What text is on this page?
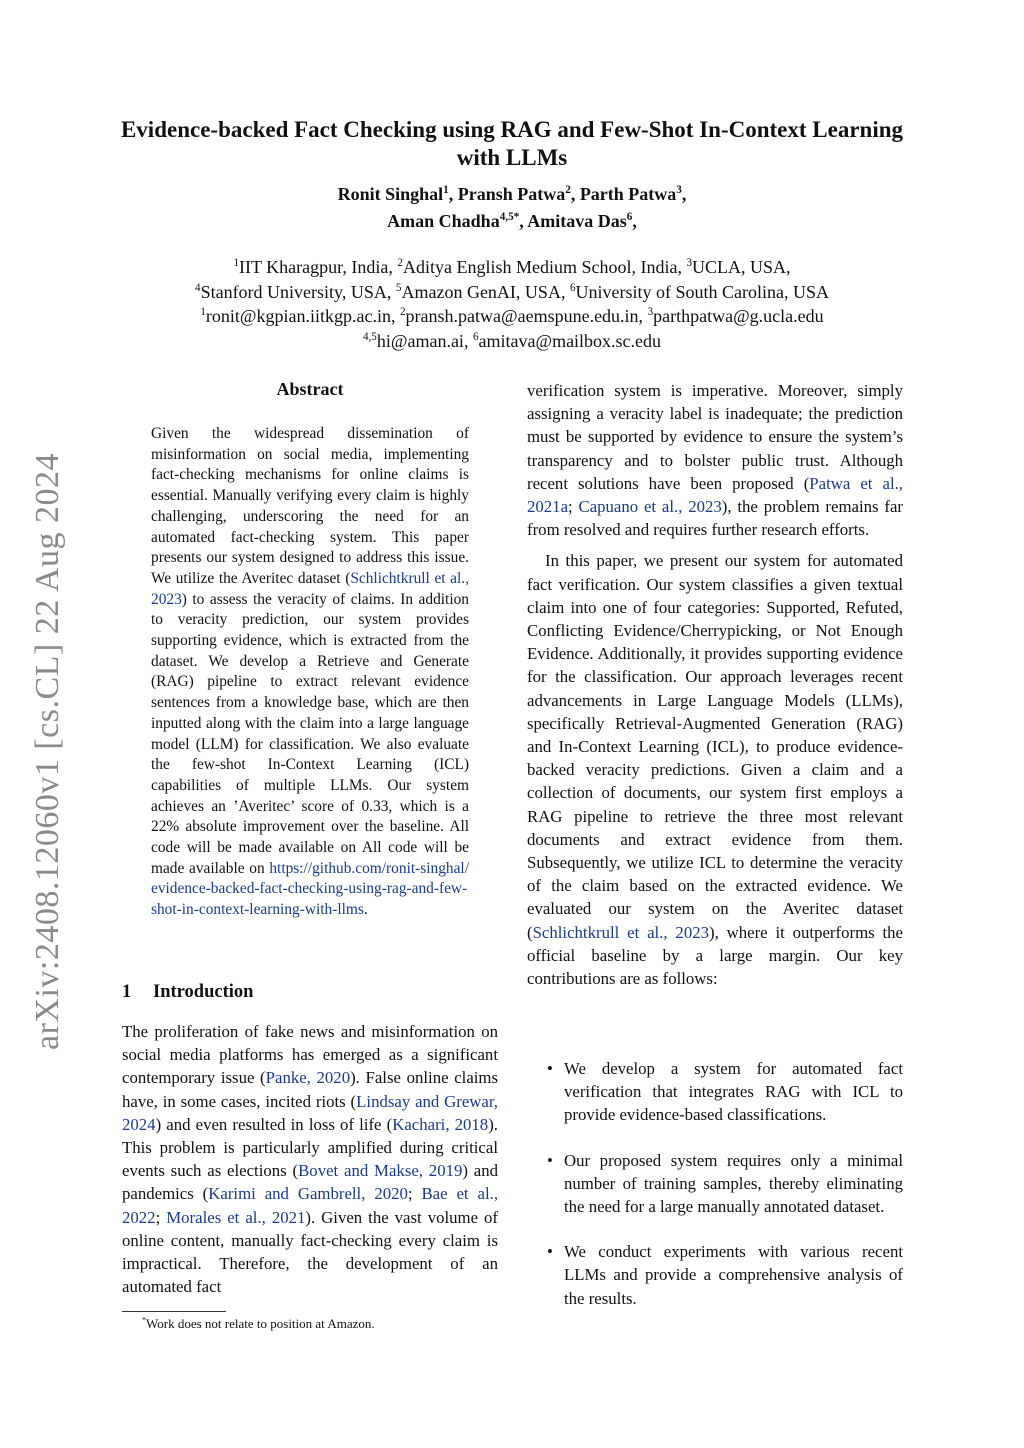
arXiv:2408.12060v1 [cs.CL] 22 Aug 2024
Evidence-backed Fact Checking using RAG and Few-Shot In-Context Learning with LLMs
Ronit Singhal$^1$, Pransh Patwa$^2$, Parth Patwa$^3$,
Aman Chadha$^{4,5*}$, Amitava Das$^6$,
$^1$IIT Kharagpur, India, $^2$Aditya English Medium School, India, $^3$UCLA, USA,
$^4$Stanford University, USA, $^5$Amazon GenAI, USA, $^6$University of South Carolina, USA
$^1$ronit@kgpian.iitkgp.ac.in, $^2$pransh.patwa@aemspune.edu.in, $^3$parthpatwa@g.ucla.edu
$^{4,5}$hi@aman.ai, $^6$amitava@mailbox.sc.edu
Abstract
Given the widespread dissemination of misinformation on social media, implementing fact-checking mechanisms for online claims is essential. Manually verifying every claim is highly challenging, underscoring the need for an automated fact-checking system. This paper presents our system designed to address this issue. We utilize the Averitec dataset (Schlichtkrull et al., 2023) to assess the veracity of claims. In addition to veracity prediction, our system provides supporting evidence, which is extracted from the dataset. We develop a Retrieve and Generate (RAG) pipeline to extract relevant evidence sentences from a knowledge base, which are then inputted along with the claim into a large language model (LLM) for classification. We also evaluate the few-shot In-Context Learning (ICL) capabilities of multiple LLMs. Our system achieves an ’Averitec’ score of 0.33, which is a 22% absolute improvement over the baseline. All code will be made available on All code will be made available on https://github.com/ronit-singhal/evidence-backed-fact-checking-using-rag-and-few-shot-in-context-learning-with-llms.
1 Introduction
The proliferation of fake news and misinformation on social media platforms has emerged as a significant contemporary issue (Panke, 2020). False online claims have, in some cases, incited riots (Lindsay and Grewar, 2024) and even resulted in loss of life (Kachari, 2018). This problem is particularly amplified during critical events such as elections (Bovet and Makse, 2019) and pandemics (Karimi and Gambrell, 2020; Bae et al., 2022; Morales et al., 2021). Given the vast volume of online content, manually fact-checking every claim is impractical. Therefore, the development of an automated fact
*Work does not relate to position at Amazon.

verification system is imperative. Moreover, simply assigning a veracity label is inadequate; the prediction must be supported by evidence to ensure the system’s transparency and to bolster public trust. Although recent solutions have been proposed (Patwa et al., 2021a; Capuano et al., 2023), the problem remains far from resolved and requires further research efforts.

In this paper, we present our system for automated fact verification. Our system classifies a given textual claim into one of four categories: Supported, Refuted, Conflicting Evidence/Cherrypicking, or Not Enough Evidence. Additionally, it provides supporting evidence for the classification. Our approach leverages recent advancements in Large Language Models (LLMs), specifically Retrieval-Augmented Generation (RAG) and In-Context Learning (ICL), to produce evidence-backed veracity predictions. Given a claim and a collection of documents, our system first employs a RAG pipeline to retrieve the three most relevant documents and extract evidence from them. Subsequently, we utilize ICL to determine the veracity of the claim based on the extracted evidence. We evaluated our system on the Averitec dataset (Schlichtkrull et al., 2023), where it outperforms the official baseline by a large margin. Our key contributions are as follows:

• We develop a system for automated fact verification that integrates RAG with ICL to provide evidence-based classifications.
• Our proposed system requires only a minimal number of training samples, thereby eliminating the need for a large manually annotated dataset.
• We conduct experiments with various recent LLMs and provide a comprehensive analysis of the results.
